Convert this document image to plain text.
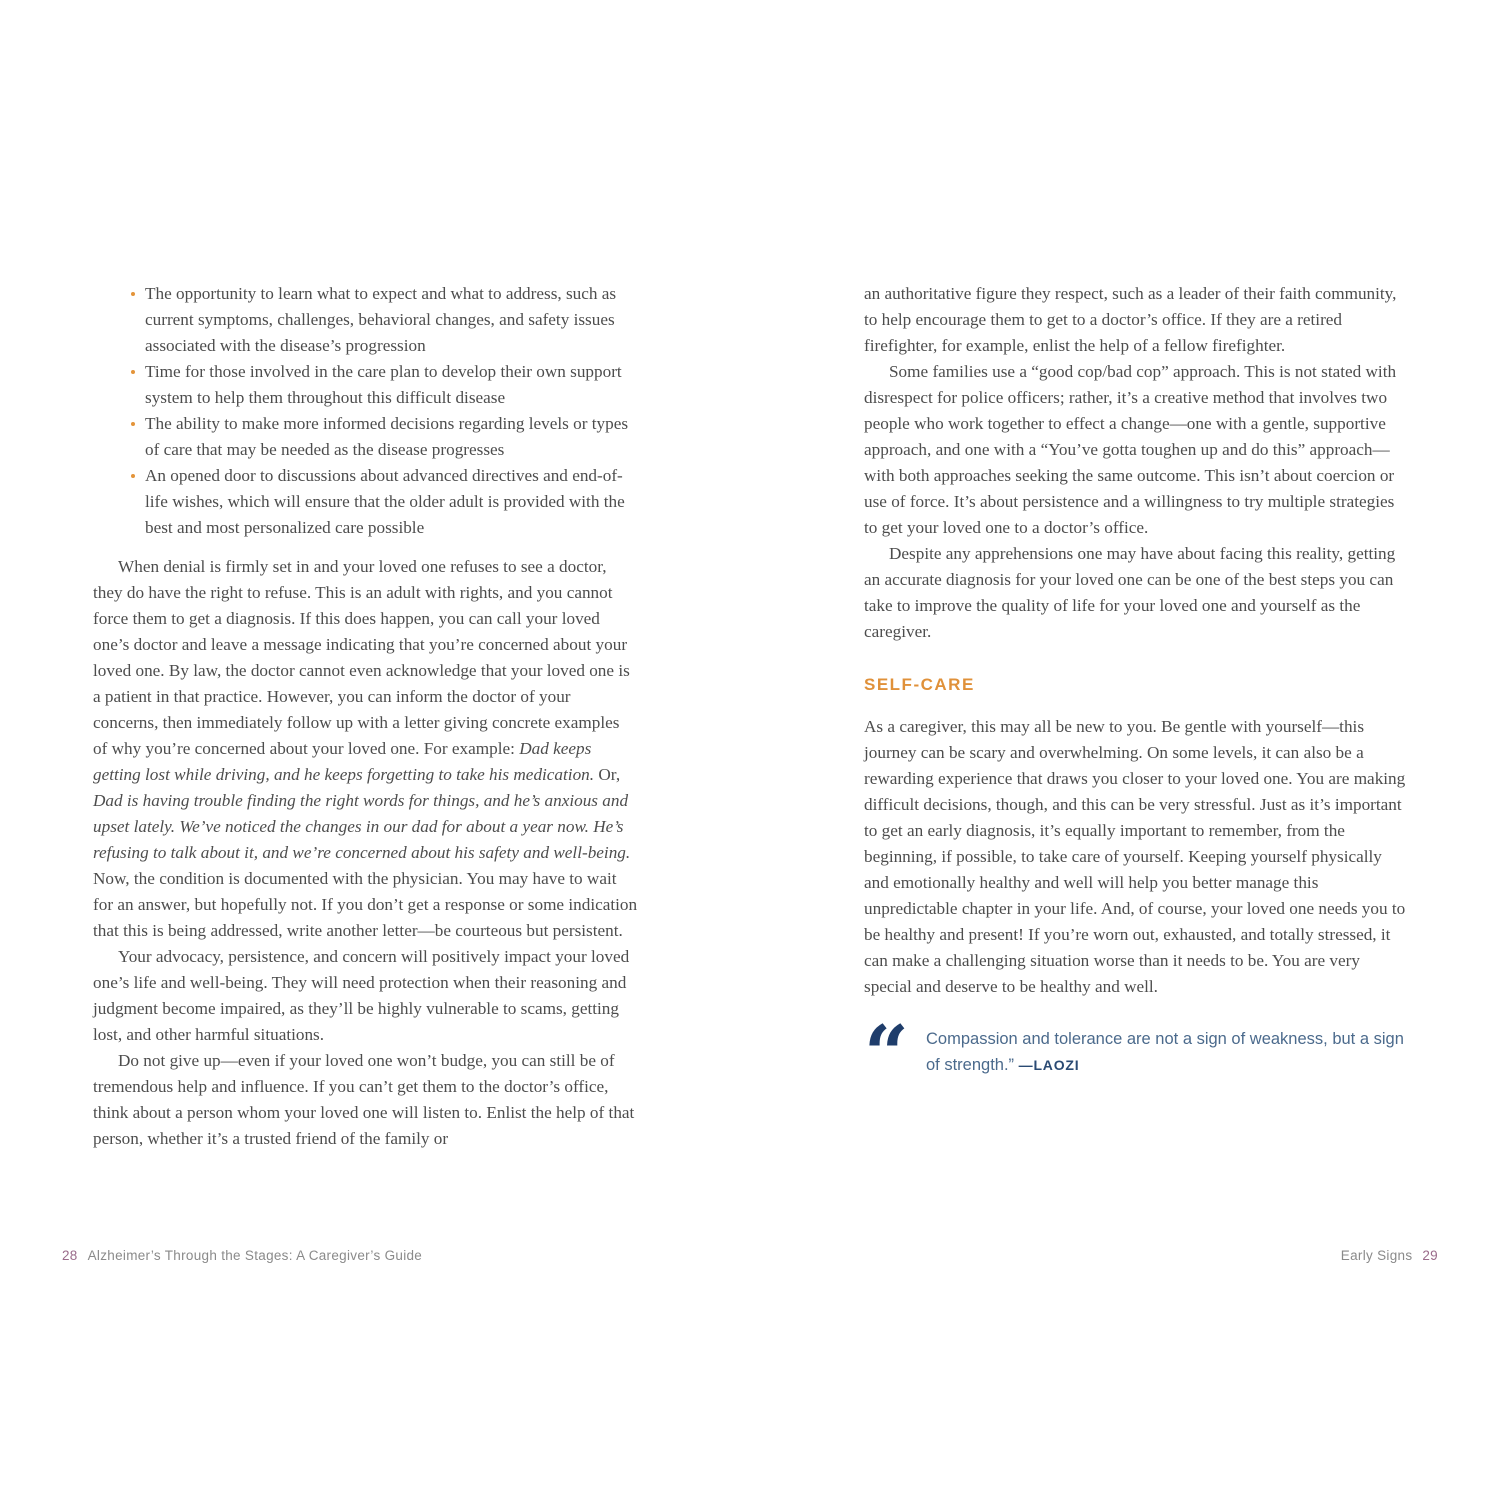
The opportunity to learn what to expect and what to address, such as current symptoms, challenges, behavioral changes, and safety issues associated with the disease’s progression
Time for those involved in the care plan to develop their own support system to help them throughout this difficult disease
The ability to make more informed decisions regarding levels or types of care that may be needed as the disease progresses
An opened door to discussions about advanced directives and end-of-life wishes, which will ensure that the older adult is provided with the best and most personalized care possible

When denial is firmly set in and your loved one refuses to see a doctor, they do have the right to refuse. This is an adult with rights, and you cannot force them to get a diagnosis. If this does happen, you can call your loved one’s doctor and leave a message indicating that you’re concerned about your loved one. By law, the doctor cannot even acknowledge that your loved one is a patient in that practice. However, you can inform the doctor of your concerns, then immediately follow up with a letter giving concrete examples of why you’re concerned about your loved one. For example: Dad keeps getting lost while driving, and he keeps forgetting to take his medication. Or, Dad is having trouble finding the right words for things, and he’s anxious and upset lately. We’ve noticed the changes in our dad for about a year now. He’s refusing to talk about it, and we’re concerned about his safety and well-being. Now, the condition is documented with the physician. You may have to wait for an answer, but hopefully not. If you don’t get a response or some indication that this is being addressed, write another letter—be courteous but persistent.

Your advocacy, persistence, and concern will positively impact your loved one’s life and well-being. They will need protection when their reasoning and judgment become impaired, as they’ll be highly vulnerable to scams, getting lost, and other harmful situations.

Do not give up—even if your loved one won’t budge, you can still be of tremendous help and influence. If you can’t get them to the doctor’s office, think about a person whom your loved one will listen to. Enlist the help of that person, whether it’s a trusted friend of the family or

28 Alzheimer’s Through the Stages: A Caregiver’s Guide

an authoritative figure they respect, such as a leader of their faith community, to help encourage them to get to a doctor’s office. If they are a retired firefighter, for example, enlist the help of a fellow firefighter.

Some families use a “good cop/bad cop” approach. This is not stated with disrespect for police officers; rather, it’s a creative method that involves two people who work together to effect a change—one with a gentle, supportive approach, and one with a “You’ve gotta toughen up and do this” approach—with both approaches seeking the same outcome. This isn’t about coercion or use of force. It’s about persistence and a willingness to try multiple strategies to get your loved one to a doctor’s office.

Despite any apprehensions one may have about facing this reality, getting an accurate diagnosis for your loved one can be one of the best steps you can take to improve the quality of life for your loved one and yourself as the caregiver.

SELF-CARE

As a caregiver, this may all be new to you. Be gentle with yourself—this journey can be scary and overwhelming. On some levels, it can also be a rewarding experience that draws you closer to your loved one. You are making difficult decisions, though, and this can be very stressful. Just as it’s important to get an early diagnosis, it’s equally important to remember, from the beginning, if possible, to take care of yourself. Keeping yourself physically and emotionally healthy and well will help you better manage this unpredictable chapter in your life. And, of course, your loved one needs you to be healthy and present! If you’re worn out, exhausted, and totally stressed, it can make a challenging situation worse than it needs to be. You are very special and deserve to be healthy and well.

“ Compassion and tolerance are not a sign of weakness, but a sign of strength.” —LAOZI
Early Signs 29
